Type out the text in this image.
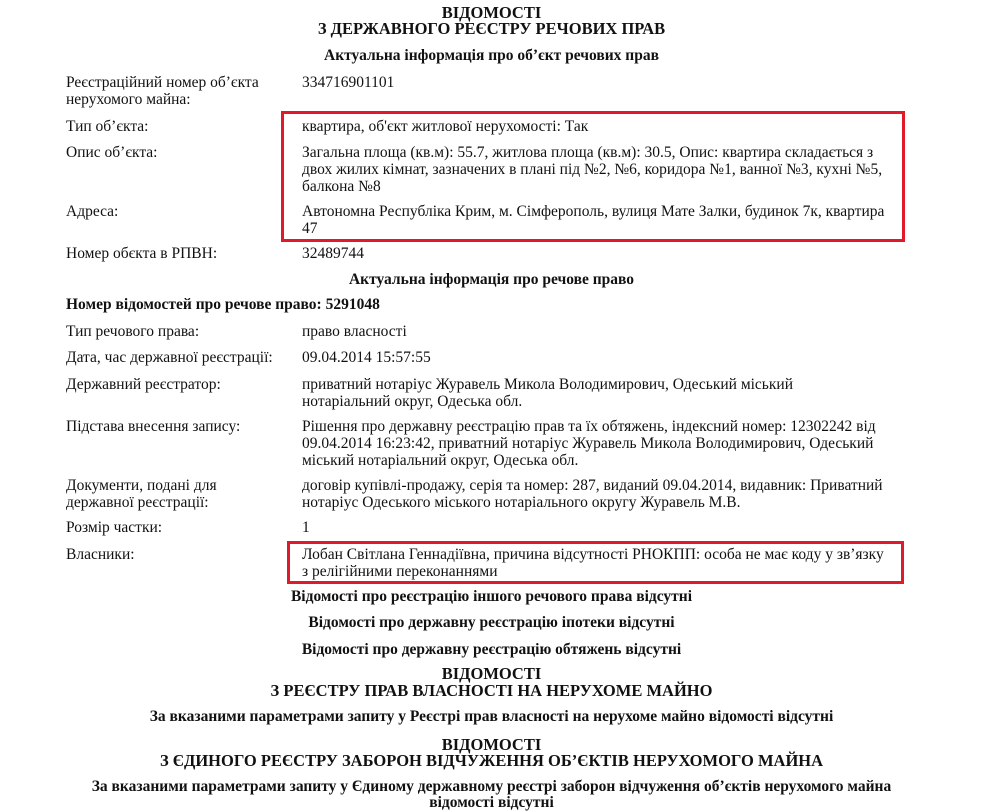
ВІДОМОСТІ
З ДЕРЖАВНОГО РЕЄСТРУ РЕЧОВИХ ПРАВ
Актуальна інформація про об’єкт речових прав
Реєстраційний номер об’єкта нерухомого майна:
334716901101
Тип об’єкта:	квартира, об'єкт житлової нерухомості: Так
Опис об’єкта:	Загальна площа (кв.м): 55.7, житлова площа (кв.м): 30.5, Опис: квартира складається з двох жилих кімнат, зазначених в плані під №2, №6, коридора №1, ванної №3, кухні №5, балкона №8
Адреса:	Автономна Республіка Крим, м. Сімферополь, вулиця Мате Залки, будинок 7к, квартира 47
Номер обєкта в РПВН:	32489744
Актуальна інформація про речове право
Номер відомостей про речове право: 5291048
Тип речового права:	право власності
Дата, час державної реєстрації:	09.04.2014 15:57:55
Державний реєстратор:	приватний нотаріус Журавель Микола Володимирович, Одеський міський нотаріальний округ, Одеська обл.
Підстава внесення запису:	Рішення про державну реєстрацію прав та їх обтяжень, індексний номер: 12302242 від 09.04.2014 16:23:42, приватний нотаріус Журавель Микола Володимирович, Одеський міський нотаріальний округ, Одеська обл.
Документи, подані для державної реєстрації:
договір купівлі-продажу, серія та номер: 287, виданий 09.04.2014, видавник: Приватний нотаріус Одеського міського нотаріального округу Журавель М.В.
Розмір частки:	1
Власники:	Лобан Світлана Геннадіївна, причина відсутності РНОКПП: особа не має коду у зв’язку з релігійними переконаннями
Відомості про реєстрацію іншого речового права відсутні
Відомості про державну реєстрацію іпотеки відсутні
Відомості про державну реєстрацію обтяжень відсутні
ВІДОМОСТІ
З РЕЄСТРУ ПРАВ ВЛАСНОСТІ НА НЕРУХОМЕ МАЙНО
За вказаними параметрами запиту у Реєстрі прав власності на нерухоме майно відомості відсутні
ВІДОМОСТІ
З ЄДИНОГО РЕЄСТРУ ЗАБОРОН ВІДЧУЖЕННЯ ОБ’ЄКТІВ НЕРУХОМОГО МАЙНА
За вказаними параметрами запиту у Єдиному державному реєстрі заборон відчуження об’єктів нерухомого майна
відомості відсутні
